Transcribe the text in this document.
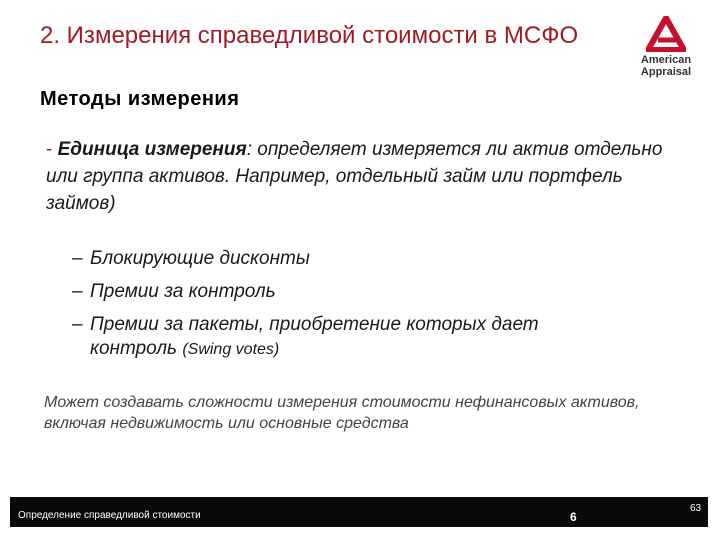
2. Измерения справедливой стоимости в МСФО
Методы измерения
American
Appraisal
- Единица измерения: определяет измеряется ли актив отдельно или группа активов. Например, отдельный займ или портфель займов)
– Блокирующие дисконты
– Премии за контроль
– Премии за пакеты, приобретение которых дает
контроль (Swing votes)
Может создавать сложности измерения стоимости нефинансовых активов, включая недвижимость или основные средства
Определение справедливой стоимости	6
63
